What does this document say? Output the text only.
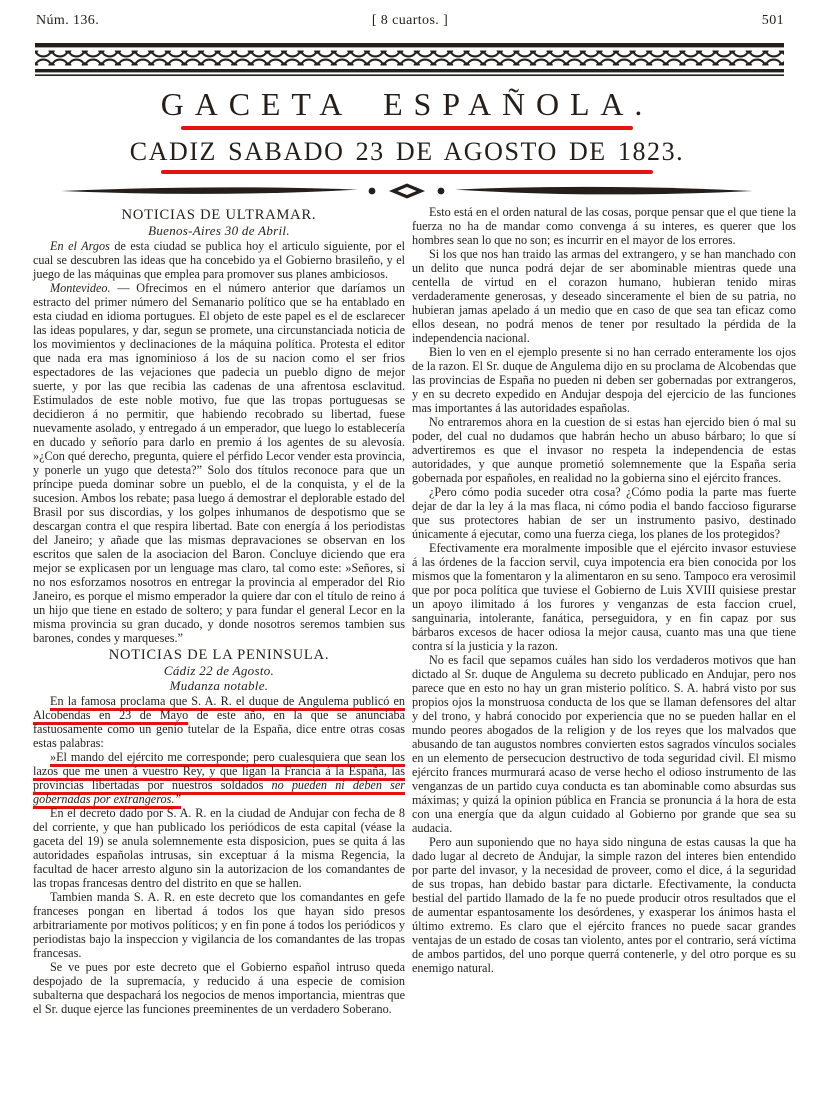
[ 8 cuartos. ]
Núm. 136.	501
GACETA ESPAÑOLA.
CADIZ SABADO 23 DE AGOSTO DE 1823.
NOTICIAS DE ULTRAMAR.
Buenos-Aires 30 de Abril.

En el Argos de esta ciudad se publica hoy el articulo siguiente, por el cual se descubren las ideas que ha concebido ya el Gobierno brasileño, y el juego de las máquinas que emplea para promover sus planes ambiciosos.

Montevideo. — Ofrecimos en el número anterior que daríamos un estracto del primer número del Semanario político que se ha entablado en esta ciudad en idioma portugues. El objeto de este papel es el de esclarecer las ideas populares, y dar, segun se promete, una circunstanciada noticia de los movimientos y declinaciones de la máquina política. Protesta el editor que nada era mas ignominioso á los de su nacion como el ser frios espectadores de las vejaciones que padecia un pueblo digno de mejor suerte, y por las que recibia las cadenas de una afrentosa esclavitud. Estimulados de este noble motivo, fue que las tropas portuguesas se decidieron á no permitir, que habiendo recobrado su libertad, fuese nuevamente asolado, y entregado á un emperador, que luego lo establecería en ducado y señorío para darlo en premio á los agentes de su alevosía. »¿Con qué derecho, pregunta, quiere el pérfido Lecor vender esta provincia, y ponerle un yugo que detesta?” Solo dos títulos reconoce para que un príncipe pueda dominar sobre un pueblo, el de la conquista, y el de la sucesion. Ambos los rebate; pasa luego á demostrar el deplorable estado del Brasil por sus discordias, y los golpes inhumanos de despotismo que se descargan contra el que respira libertad. Bate con energía á los periodistas del Janeiro; y añade que las mismas depravaciones se observan en los escritos que salen de la asociacion del Baron. Concluye diciendo que era mejor se explicasen por un lenguage mas claro, tal como este: »Señores, si no nos esforzamos nosotros en entregar la provincia al emperador del Rio Janeiro, es porque el mismo emperador la quiere dar con el título de reino á un hijo que tiene en estado de soltero; y para fundar el general Lecor en la misma provincia su gran ducado, y donde nosotros seremos tambien sus barones, condes y marqueses.”

NOTICIAS DE LA PENINSULA.
Cádiz 22 de Agosto.
Mudanza notable.

En la famosa proclama que S. A. R. el duque de Angulema publicó en Alcobendas en 23 de Mayo de este año, en la que se anunciaba fastuosamente como un genio tutelar de la España, dice entre otras cosas estas palabras:

»El mando del ejército me corresponde; pero cualesquiera que sean los lazos que me unen á vuestro Rey, y que ligan la Francia á la España, las provincias libertadas por nuestros soldados no pueden ni deben ser gobernadas por extrangeros.”

En el decreto dado por S. A. R. en la ciudad de Andujar con fecha de 8 del corriente, y que han publicado los periódicos de esta capital (véase la gaceta del 19) se anula solemnemente esta disposicion, pues se quita á las autoridades españolas intrusas, sin exceptuar á la misma Regencia, la facultad de hacer arresto alguno sin la autorizacion de los comandantes de las tropas francesas dentro del distrito en que se hallen.

Tambien manda S. A. R. en este decreto que los comandantes en gefe franceses pongan en libertad á todos los que hayan sido presos arbitrariamente por motivos políticos; y en fin pone á todos los periódicos y periodistas bajo la inspeccion y vigilancia de los comandantes de las tropas francesas.

Se ve pues por este decreto que el Gobierno español intruso queda despojado de la supremacía, y reducido á una especie de comision subalterna que despachará los negocios de menos importancia, mientras que el Sr. duque ejerce las funciones preeminentes de un verdadero Soberano.

Esto está en el orden natural de las cosas, porque pensar que el que tiene la fuerza no ha de mandar como convenga á su interes, es querer que los hombres sean lo que no son; es incurrir en el mayor de los errores.

Si los que nos han traido las armas del extrangero, y se han manchado con un delito que nunca podrá dejar de ser abominable mientras quede una centella de virtud en el corazon humano, hubieran tenido miras verdaderamente generosas, y deseado sinceramente el bien de su patria, no hubieran jamas apelado á un medio que en caso de que sea tan eficaz como ellos desean, no podrá menos de tener por resultado la pérdida de la independencia nacional.

Bien lo ven en el ejemplo presente si no han cerrado enteramente los ojos de la razon. El Sr. duque de Angulema dijo en su proclama de Alcobendas que las provincias de España no pueden ni deben ser gobernadas por extrangeros, y en su decreto expedido en Andujar despoja del ejercicio de las funciones mas importantes á las autoridades españolas.

No entraremos ahora en la cuestion de si estas han ejercido bien ó mal su poder, del cual no dudamos que habrán hecho un abuso bárbaro; lo que sí advertiremos es que el invasor no respeta la independencia de estas autoridades, y que aunque prometió solemnemente que la España seria gobernada por españoles, en realidad no la gobierna sino el ejército frances.

¿Pero cómo podia suceder otra cosa? ¿Cómo podia la parte mas fuerte dejar de dar la ley á la mas flaca, ni cómo podia el bando faccioso figurarse que sus protectores habian de ser un instrumento pasivo, destinado únicamente á ejecutar, como una fuerza ciega, los planes de los protegidos?

Efectivamente era moralmente imposible que el ejército invasor estuviese á las órdenes de la faccion servil, cuya impotencia era bien conocida por los mismos que la fomentaron y la alimentaron en su seno. Tampoco era verosimil que por poca política que tuviese el Gobierno de Luis XVIII quisiese prestar un apoyo ilimitado á los furores y venganzas de esta faccion cruel, sanguinaria, intolerante, fanática, perseguidora, y en fin capaz por sus bárbaros excesos de hacer odiosa la mejor causa, cuanto mas una que tiene contra sí la justicia y la razon.

No es facil que sepamos cuáles han sido los verdaderos motivos que han dictado al Sr. duque de Angulema su decreto publicado en Andujar, pero nos parece que en esto no hay un gran misterio político. S. A. habrá visto por sus propios ojos la monstruosa conducta de los que se llaman defensores del altar y del trono, y habrá conocido por experiencia que no se pueden hallar en el mundo peores abogados de la religion y de los reyes que los malvados que abusando de tan augustos nombres convierten estos sagrados vínculos sociales en un elemento de persecucion destructivo de toda seguridad civil. El mismo ejército frances murmurará acaso de verse hecho el odioso instrumento de las venganzas de un partido cuya conducta es tan abominable como absurdas sus máximas; y quizá la opinion pública en Francia se pronuncia á la hora de esta con una energía que da algun cuidado al Gobierno por grande que sea su audacia.

Pero aun suponiendo que no haya sido ninguna de estas causas la que ha dado lugar al decreto de Andujar, la simple razon del interes bien entendido por parte del invasor, y la necesidad de proveer, como el dice, á la seguridad de sus tropas, han debido bastar para dictarle. Efectivamente, la conducta bestial del partido llamado de la fe no puede producir otros resultados que el de aumentar espantosamente los desórdenes, y exasperar los ánimos hasta el último extremo. Es claro que el ejército frances no puede sacar grandes ventajas de un estado de cosas tan violento, antes por el contrario, será víctima de ambos partidos, del uno porque querrá contenerle, y del otro porque es su enemigo natural.
